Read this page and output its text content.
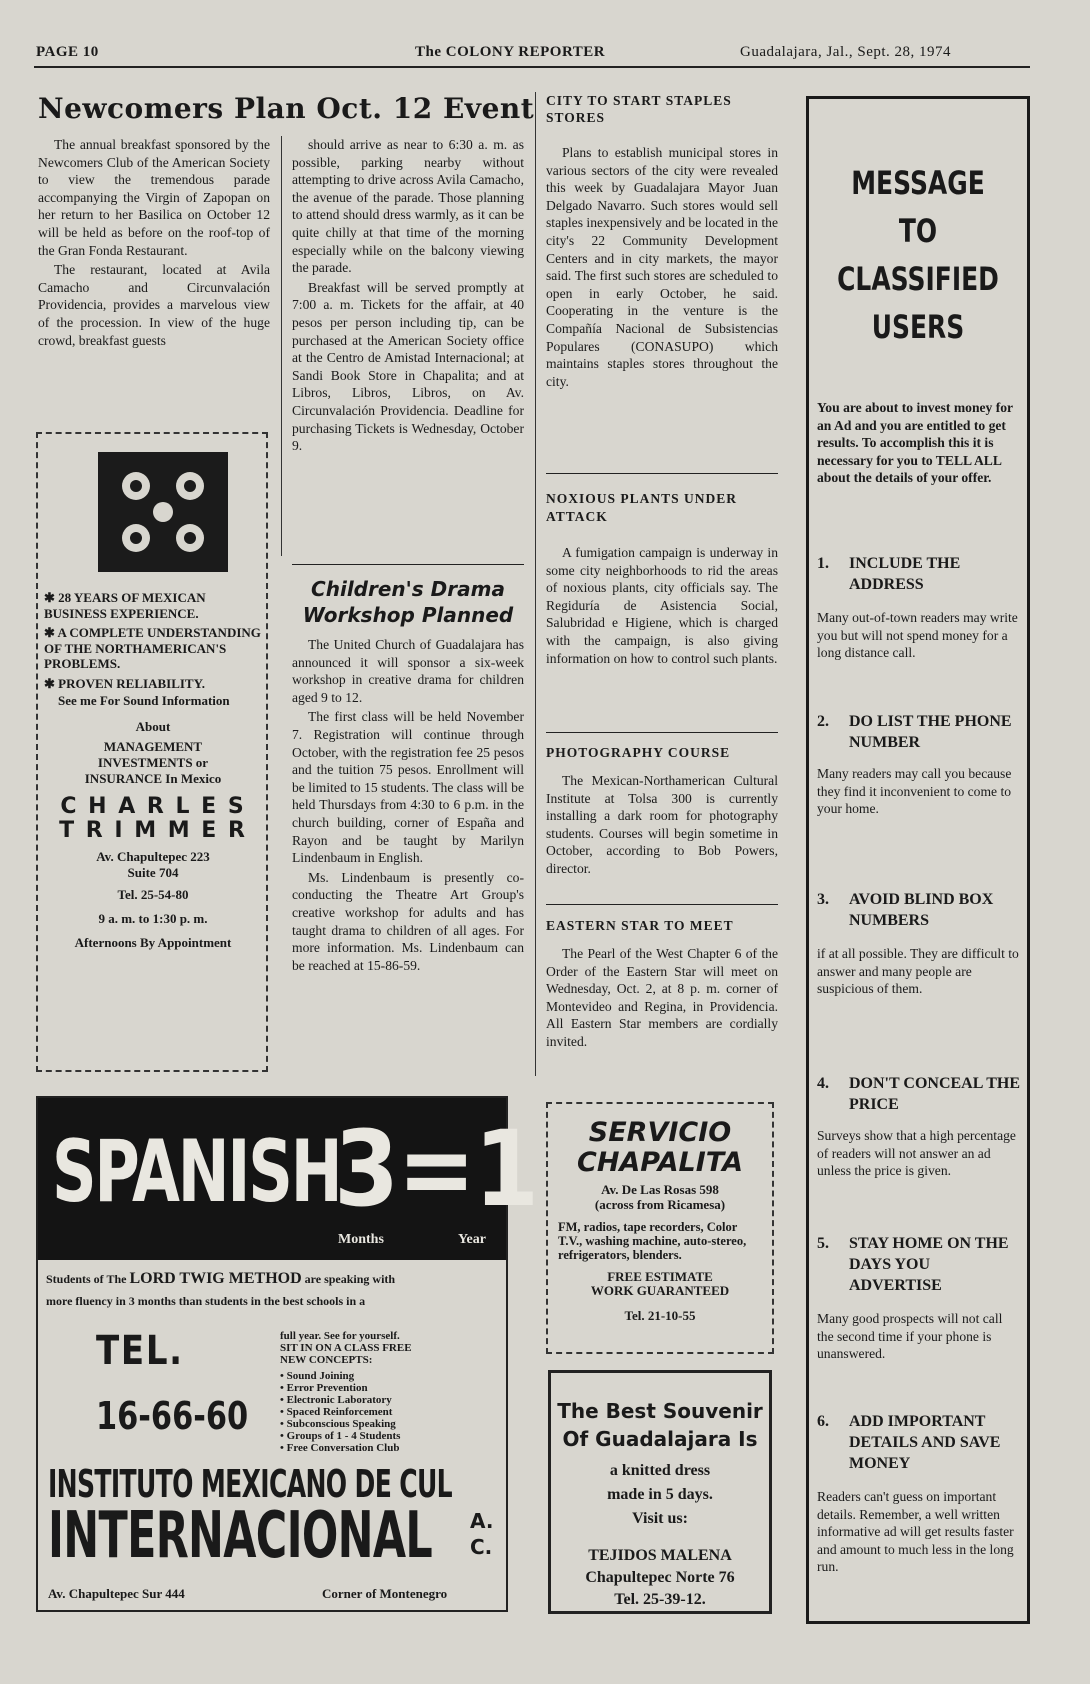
PAGE 10	The COLONY REPORTER	Guadalajara, Jal., Sept. 28, 1974
Newcomers Plan Oct. 12 Event

The annual breakfast sponsored by the Newcomers Club of the American Society to view the tremendous parade accompanying the Virgin of Zapopan on her return to her Basilica on October 12 will be held as before on the roof-top of the Gran Fonda Restaurant.

The restaurant, located at Avila Camacho and Circunvalación Providencia, provides a marvelous view of the procession. In view of the huge crowd, breakfast guests

should arrive as near to 6:30 a. m. as possible, parking nearby without attempting to drive across Avila Camacho, the avenue of the parade. Those planning to attend should dress warmly, as it can be quite chilly at that time of the morning especially while on the balcony viewing the parade.

Breakfast will be served promptly at 7:00 a. m. Tickets for the affair, at 40 pesos per person including tip, can be purchased at the American Society office at the Centro de Amistad Internacional; at Sandi Book Store in Chapalita; and at Libros, Libros, Libros, on Av. Circunvalación Providencia. Deadline for purchasing Tickets is Wednesday, October 9.

✱ 28 YEARS OF MEXICAN BUSINESS EXPERIENCE.
✱ A COMPLETE UNDERSTANDING OF THE NORTHAMERICAN'S PROBLEMS.
✱ PROVEN RELIABILITY.
See me For Sound Information
About
MANAGEMENT INVESTMENTS or INSURANCE In Mexico
C H A R L E S
T R I M M E R
Av. Chapultepec 223
Suite 704
Tel. 25-54-80
9 a. m. to 1:30 p. m.
Afternoons By Appointment
Children's Drama
Workshop Planned

The United Church of Guadalajara has announced it will sponsor a six-week workshop in creative drama for children aged 9 to 12.

The first class will be held November 7. Registration will continue through October, with the registration fee 25 pesos and the tuition 75 pesos. Enrollment will be limited to 15 students. The class will be held Thursdays from 4:30 to 6 p.m. in the church building, corner of España and Rayon and be taught by Marilyn Lindenbaum in English.

Ms. Lindenbaum is presently co-conducting the Theatre Art Group's creative workshop for adults and has taught drama to children of all ages. For more information. Ms. Lindenbaum can be reached at 15-86-59.

CITY TO START STAPLES STORES

Plans to establish municipal stores in various sectors of the city were revealed this week by Guadalajara Mayor Juan Delgado Navarro. Such stores would sell staples inexpensively and be located in the city's 22 Community Development Centers and in city markets, the mayor said. The first such stores are scheduled to open in early October, he said. Cooperating in the venture is the Compañía Nacional de Subsistencias Populares (CONASUPO) which maintains staples stores throughout the city.

NOXIOUS PLANTS UNDER ATTACK

A fumigation campaign is underway in some city neighborhoods to rid the areas of noxious plants, city officials say. The Regiduría de Asistencia Social, Salubridad e Higiene, which is charged with the campaign, is also giving information on how to control such plants.

PHOTOGRAPHY COURSE

The Mexican-Northamerican Cultural Institute at Tolsa 300 is currently installing a dark room for photography students. Courses will begin sometime in October, according to Bob Powers, director.

EASTERN STAR TO MEET

The Pearl of the West Chapter 6 of the Order of the Eastern Star will meet on Wednesday, Oct. 2, at 8 p. m. corner of Montevideo and Regina, in Providencia. All Eastern Star members are cordially invited.

SERVICIO
CHAPALITA
Av. De Las Rosas 598
(across from Ricamesa)
FM, radios, tape recorders, Color T.V., washing machine, auto-stereo, refrigerators, blenders.
FREE ESTIMATE
WORK GUARANTEED
Tel. 21-10-55
The Best Souvenir
Of Guadalajara Is
a knitted dress
made in 5 days.
Visit us:
TEJIDOS MALENA
Chapultepec Norte 76
Tel. 25-39-12.
SPANISH
3=1
Months	Year
Students of The LORD TWIG METHOD are speaking with
more fluency in 3 months than students in the best schools in a
TEL.
16-66-60
full year. See for yourself.
SIT IN ON A CLASS FREE
NEW CONCEPTS:
• Sound Joining
• Error Prevention
• Electronic Laboratory
• Spaced Reinforcement
• Subconscious Speaking
• Groups of 1 - 4 Students
• Free Conversation Club
INSTITUTO MEXICANO DE CUL
INTERNACIONAL A. C.
Av. Chapultepec Sur 444	Corner of Montenegro
MESSAGE
TO
CLASSIFIED
USERS
You are about to invest money for an Ad and you are entitled to get results. To accomplish this it is necessary for you to TELL ALL about the details of your offer.
1.	INCLUDE THE ADDRESS
Many out-of-town readers may write you but will not spend money for a long distance call.
2.	DO LIST THE PHONE NUMBER
Many readers may call you because they find it inconvenient to come to your home.
3.	AVOID BLIND BOX NUMBERS
if at all possible. They are difficult to answer and many people are suspicious of them.
4.	DON'T CONCEAL THE PRICE
Surveys show that a high percentage of readers will not answer an ad unless the price is given.
5.	STAY HOME ON THE DAYS YOU ADVERTISE
Many good prospects will not call the second time if your phone is unanswered.
6.	ADD IMPORTANT DETAILS AND SAVE MONEY
Readers can't guess on important details. Remember, a well written informative ad will get results faster and amount to much less in the long run.
